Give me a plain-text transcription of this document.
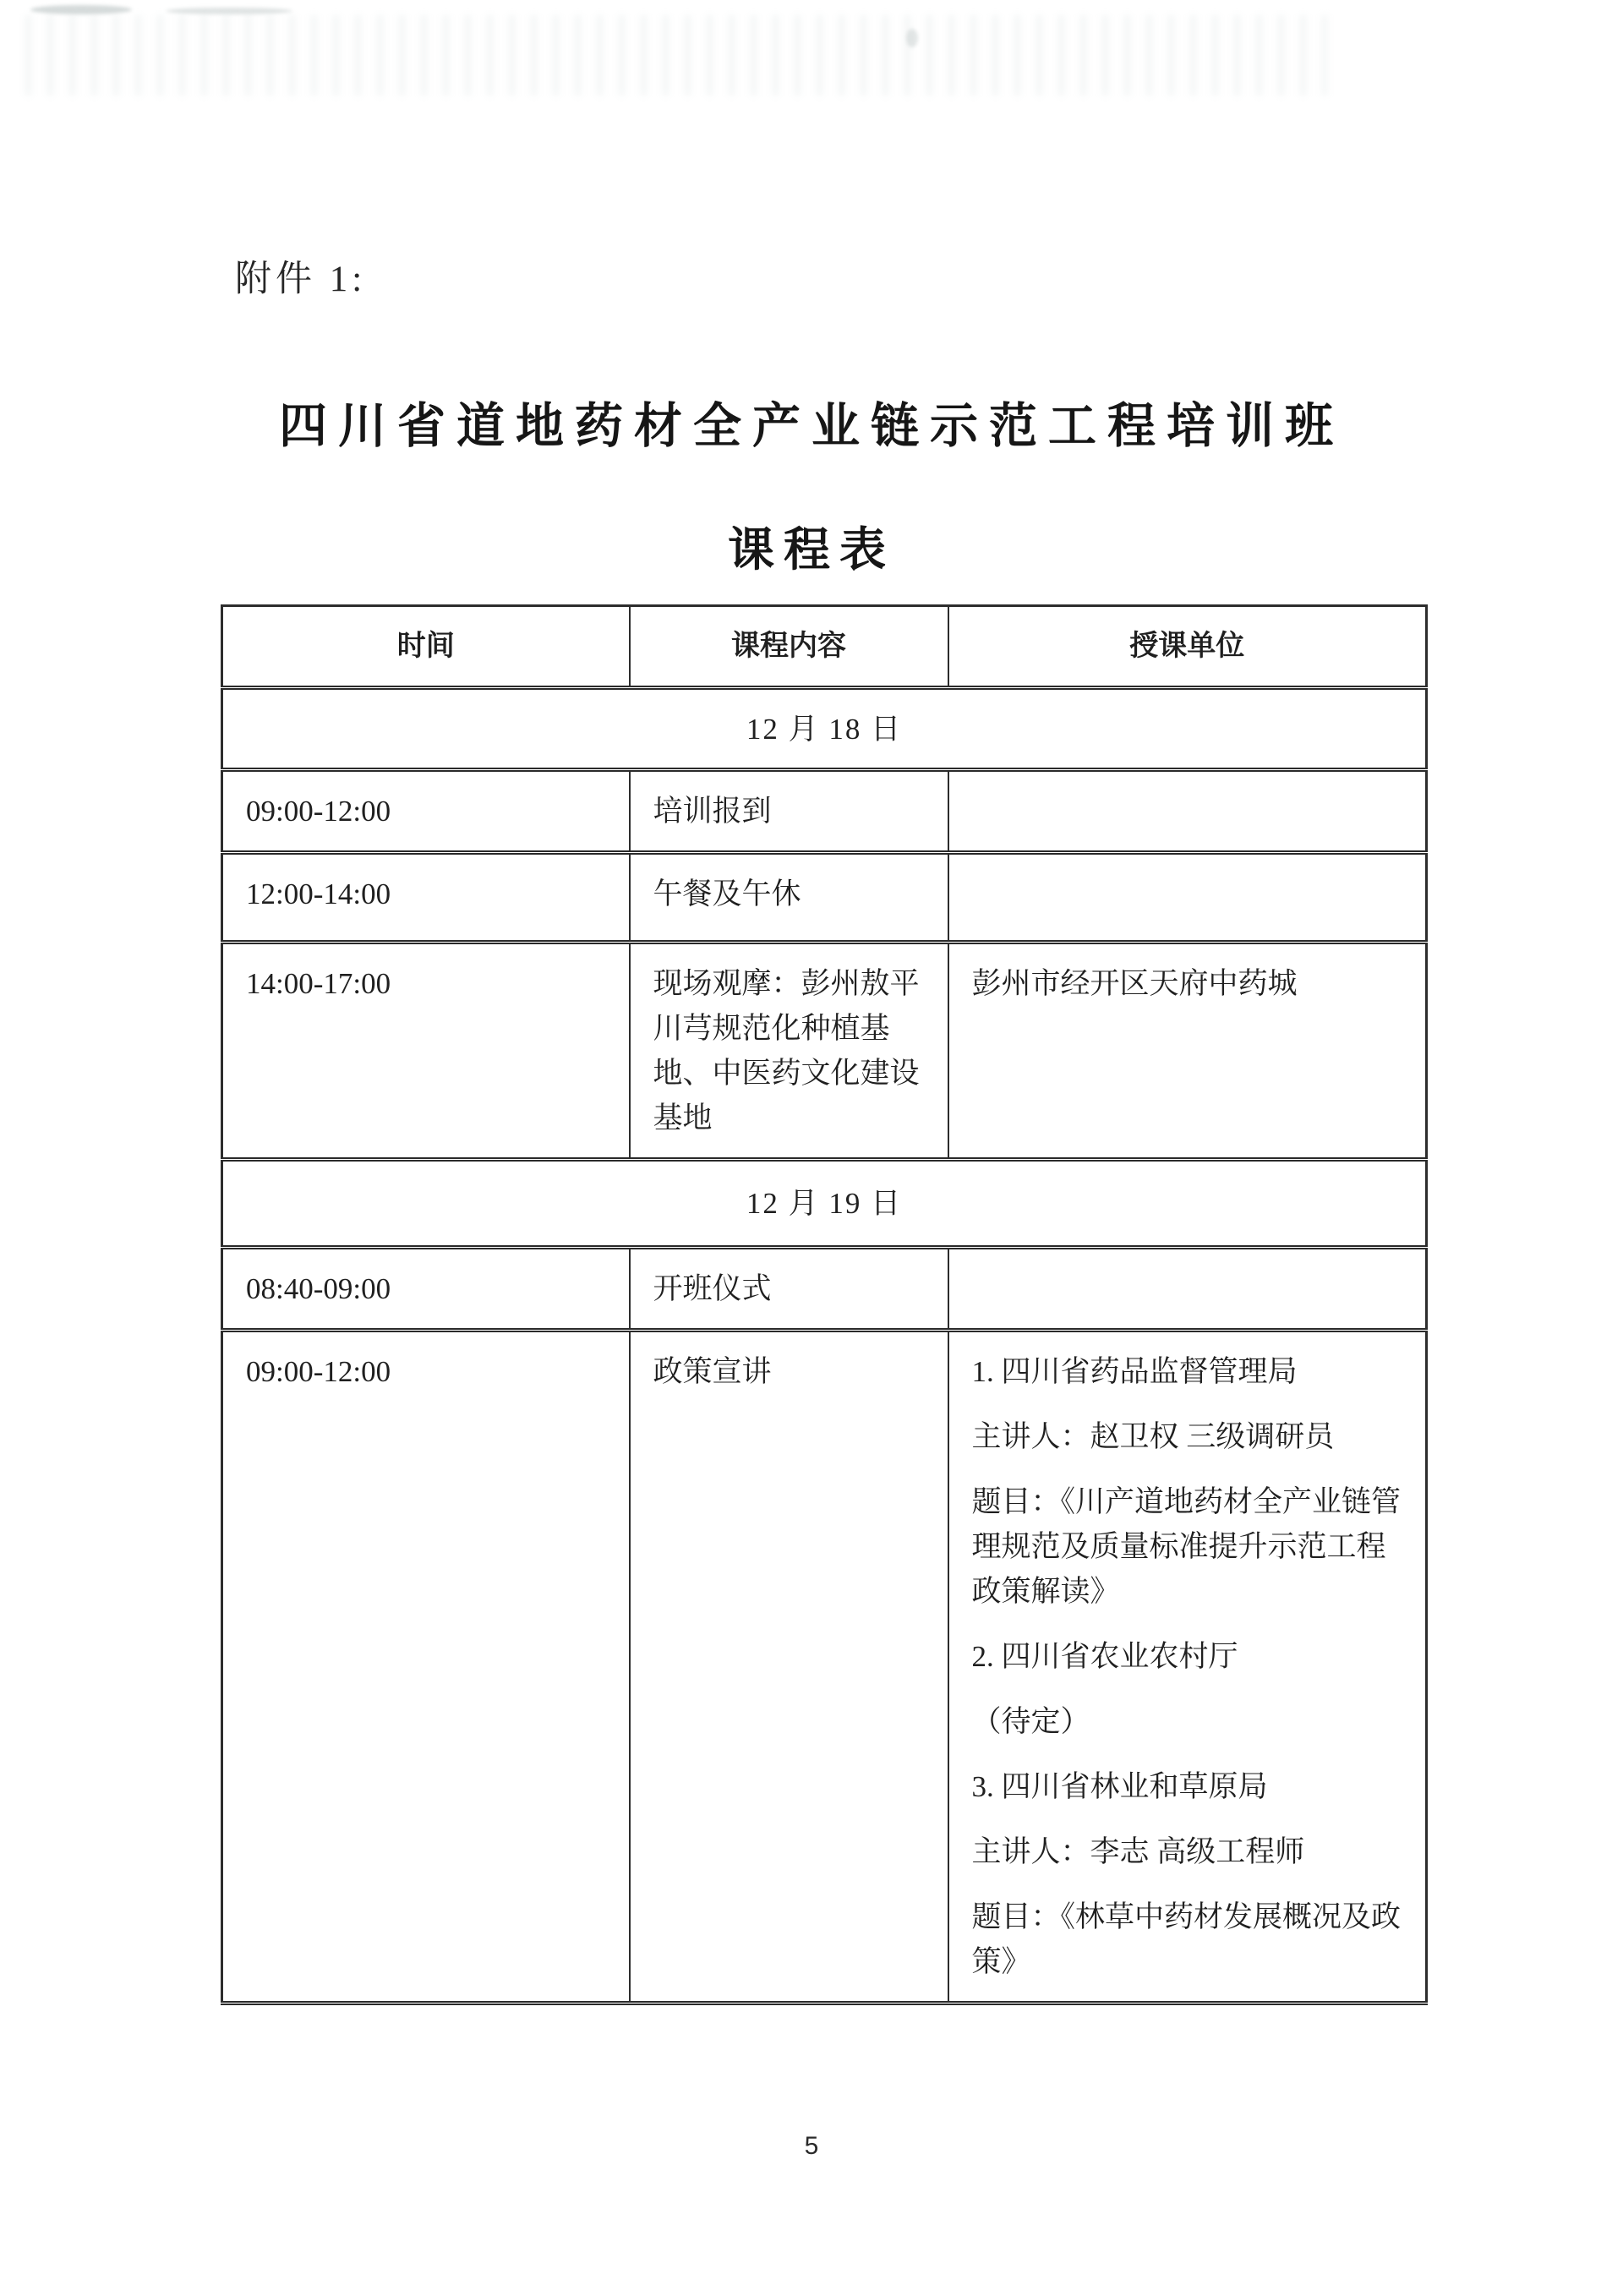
附件 1:
四川省道地药材全产业链示范工程培训班
课程表
时间	课程内容	授课单位
12 月 18 日		
09:00-12:00	培训报到	
12:00-14:00	午餐及午休	
14:00-17:00	现场观摩：彭州敖平川芎规范化种植基地、中医药文化建设基地	彭州市经开区天府中药城

12 月 19 日		
08:40-09:00	开班仪式	
09:00-12:00	政策宣讲	1. 四川省药品监督管理局

主讲人：赵卫权 三级调研员

题目：《川产道地药材全产业链管理规范及质量标准提升示范工程 政策解读》

2. 四川省农业农村厅

（待定）

3. 四川省林业和草原局

主讲人：李志 高级工程师

题目：《林草中药材发展概况及政策》

5
